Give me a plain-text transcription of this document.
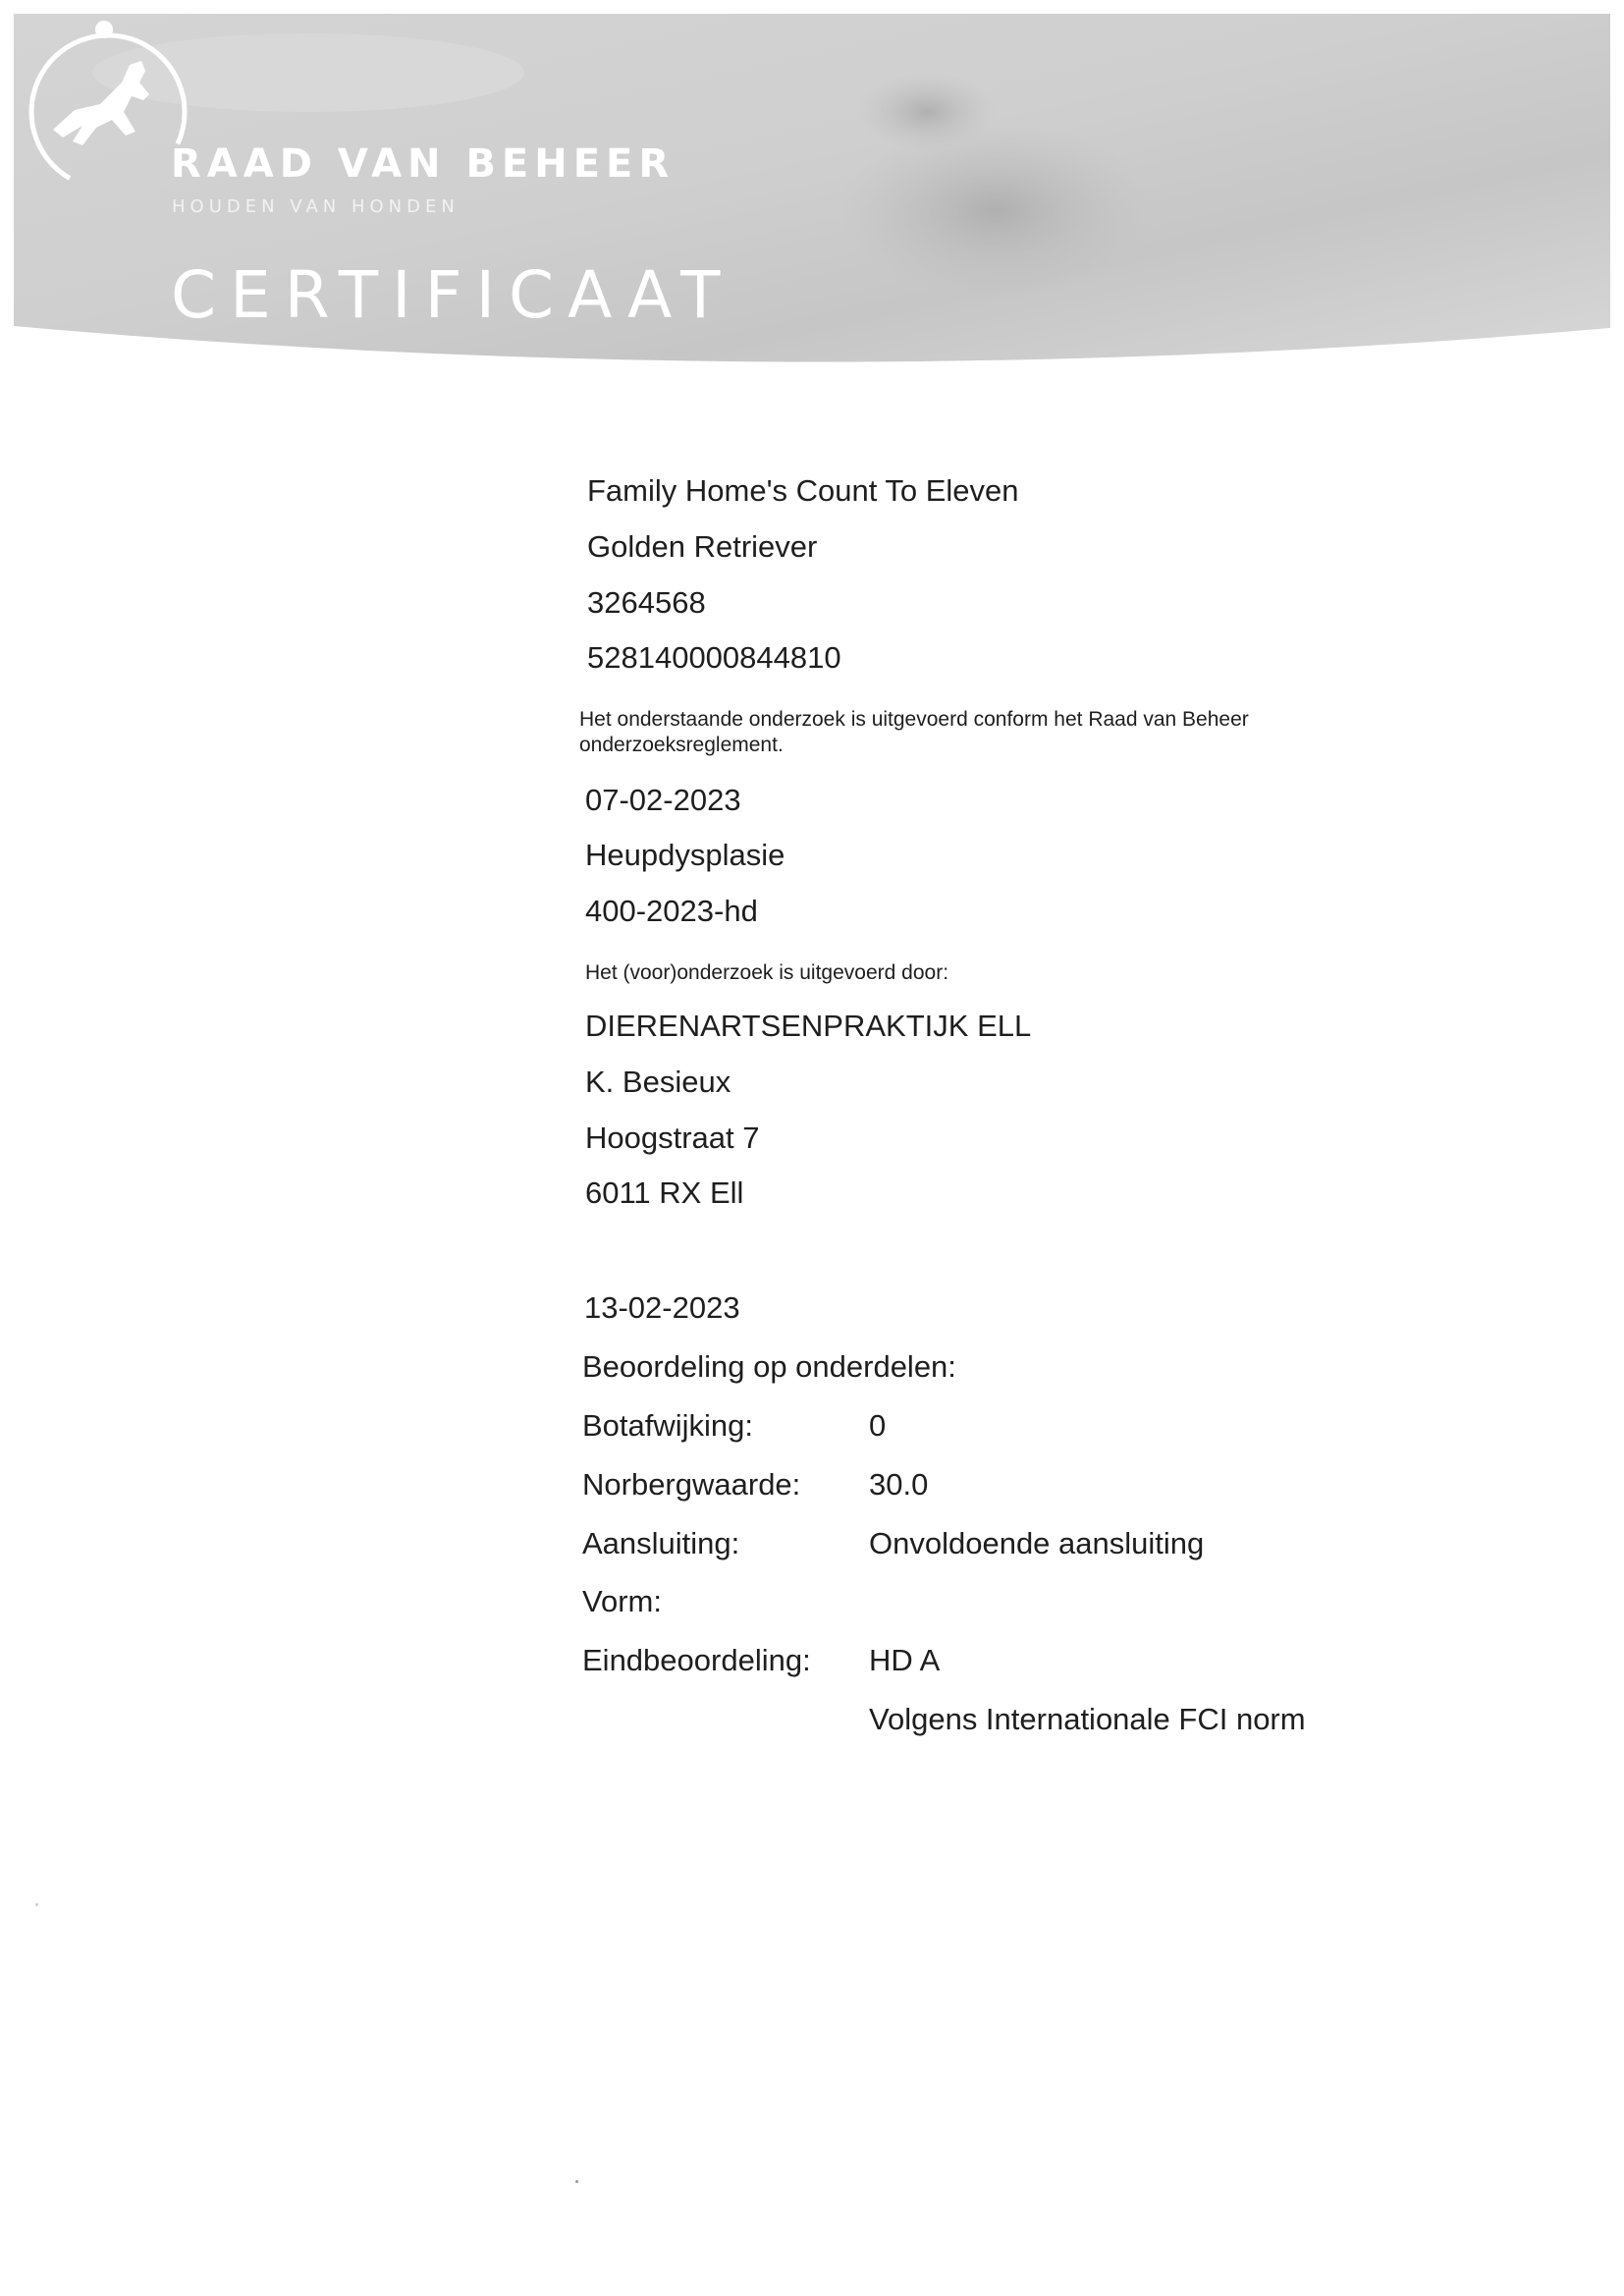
RAAD VAN BEHEER
HOUDEN VAN HONDEN
CERTIFICAAT
Family Home's Count To Eleven
Golden Retriever
3264568
528140000844810
Het onderstaande onderzoek is uitgevoerd conform het Raad van Beheer onderzoeksreglement.
07-02-2023
Heupdysplasie
400-2023-hd
Het (voor)onderzoek is uitgevoerd door:
DIERENARTSENPRAKTIJK ELL
K. Besieux
Hoogstraat 7
6011 RX Ell
13-02-2023
Beoordeling op onderdelen:
Botafwijking:	0
Norbergwaarde: 30.0
Aansluiting:	Onvoldoende aansluiting
Vorm:
Eindbeoordeling: HD A
Volgens Internationale FCI norm
